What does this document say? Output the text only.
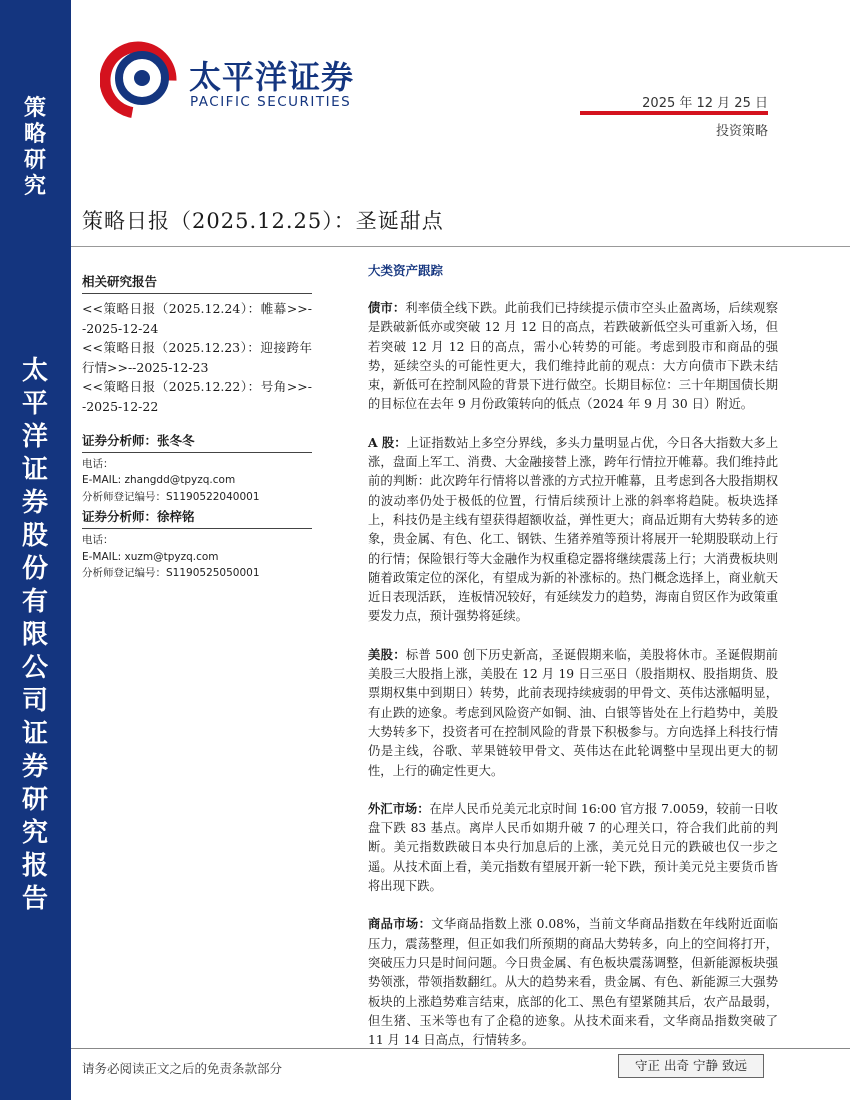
策略研究
太平洋证券股份有限公司证券研究报告
太平洋证券
PACIFIC SECURITIES	2025 年 12 月 25 日
投资策略
策略日报（2025.12.25）：圣诞甜点
相关研究报告
<<策略日报（2025.12.24）：帷幕>>--2025-12-24
<<策略日报（2025.12.23）：迎接跨年行情>>--2025-12-23
<<策略日报（2025.12.22）：号角>>--2025-12-22
证券分析师：张冬冬
电话：
E-MAIL: zhangdd@tpyzq.com
分析师登记编号：S1190522040001
证券分析师：徐梓铭
电话：
E-MAIL: xuzm@tpyzq.com
分析师登记编号：S1190525050001
大类资产跟踪

债市：利率债全线下跌。此前我们已持续提示债市空头止盈离场，后续观察是跌破新低亦或突破 12 月 12 日的高点，若跌破新低空头可重新入场，但若突破 12 月 12 日的高点，需小心转势的可能。考虑到股市和商品的强势，延续空头的可能性更大，我们维持此前的观点：大方向债市下跌未结束，新低可在控制风险的背景下进行做空。长期目标位：三十年期国债长期的目标位在去年 9 月份政策转向的低点（2024 年 9 月 30 日）附近。

A 股：上证指数站上多空分界线，多头力量明显占优，今日各大指数大多上涨，盘面上军工、消费、大金融接替上涨，跨年行情拉开帷幕。我们维持此前的判断：此次跨年行情将以普涨的方式拉开帷幕，且考虑到各大股指期权的波动率仍处于极低的位置，行情后续预计上涨的斜率将趋陡。板块选择上，科技仍是主线有望获得超额收益，弹性更大；商品近期有大势转多的迹象，贵金属、有色、化工、钢铁、生猪养殖等预计将展开一轮期股联动上行的行情；保险银行等大金融作为权重稳定器将继续震荡上行；大消费板块则随着政策定位的深化，有望成为新的补涨标的。热门概念选择上，商业航天近日表现活跃， 连板情况较好，有延续发力的趋势，海南自贸区作为政策重要发力点，预计强势将延续。

美股：标普 500 创下历史新高，圣诞假期来临，美股将休市。圣诞假期前美股三大股指上涨，美股在 12 月 19 日三巫日（股指期权、股指期货、股票期权集中到期日）转势，此前表现持续疲弱的甲骨文、英伟达涨幅明显，有止跌的迹象。考虑到风险资产如铜、油、白银等皆处在上行趋势中，美股大势转多下，投资者可在控制风险的背景下积极参与。方向选择上科技行情仍是主线，谷歌、苹果链较甲骨文、英伟达在此轮调整中呈现出更大的韧性，上行的确定性更大。

外汇市场：在岸人民币兑美元北京时间 16:00 官方报 7.0059，较前一日收盘下跌 83 基点。离岸人民币如期升破 7 的心理关口，符合我们此前的判断。美元指数跌破日本央行加息后的上涨，美元兑日元的跌破也仅一步之遥。从技术面上看，美元指数有望展开新一轮下跌，预计美元兑主要货币皆将出现下跌。

商品市场：文华商品指数上涨 0.08%，当前文华商品指数在年线附近面临压力，震荡整理，但正如我们所预期的商品大势转多，向上的空间将打开，突破压力只是时间问题。今日贵金属、有色板块震荡调整，但新能源板块强势领涨，带领指数翻红。从大的趋势来看，贵金属、有色、新能源三大强势板块的上涨趋势难言结束，底部的化工、黑色有望紧随其后，农产品最弱，但生猪、玉米等也有了企稳的迹象。从技术面来看，文华商品指数突破了 11 月 14 日高点，行情转多。

请务必阅读正文之后的免责条款部分	守正 出奇 宁静 致远
